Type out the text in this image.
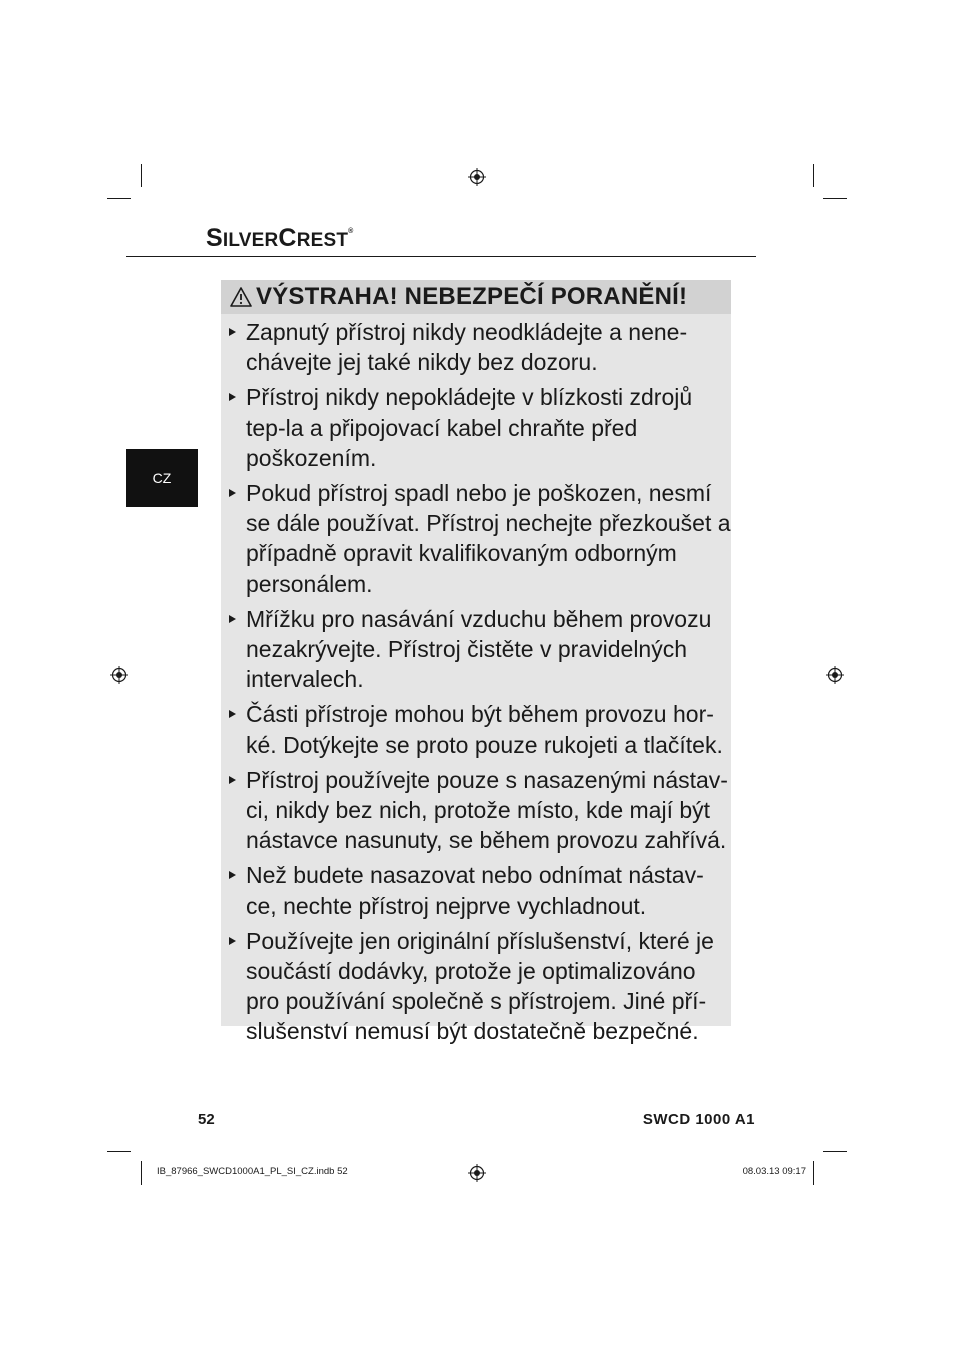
SILVERCREST®
CZ
VÝSTRAHA! NEBEZPEČÍ PORANĚNÍ!
Zapnutý přístroj nikdy neodkládejte a nene-chávejte jej také nikdy bez dozoru.
Přístroj nikdy nepokládejte v blízkosti zdrojů tep-la a připojovací kabel chraňte před poškozením.
Pokud přístroj spadl nebo je poškozen, nesmí se dále používat. Přístroj nechejte přezkoušet a případně opravit kvalifikovaným odborným personálem.
Mřížku pro nasávání vzduchu během provozu nezakrývejte. Přístroj čistěte v pravidelných intervalech.
Části přístroje mohou být během provozu hor-ké. Dotýkejte se proto pouze rukojeti a tlačítek.
Přístroj používejte pouze s nasazenými nástav-ci, nikdy bez nich, protože místo, kde mají být nástavce nasunuty, se během provozu zahřívá.
Než budete nasazovat nebo odnímat nástav-ce, nechte přístroj nejprve vychladnout.
Používejte jen originální příslušenství, které je součástí dodávky, protože je optimalizováno pro používání společně s přístrojem. Jiné pří-slušenství nemusí být dostatečně bezpečné.
52	SWCD 1000 A1
IB_87966_SWCD1000A1_PL_SI_CZ.indb 52	08.03.13 09:17
